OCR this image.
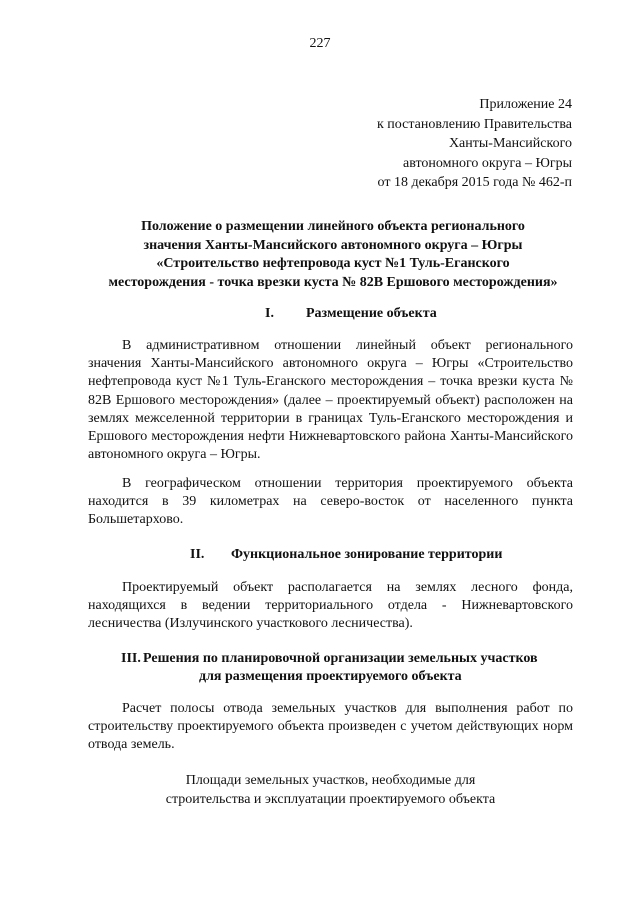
227
Приложение 24
к постановлению Правительства
Ханты-Мансийского
автономного округа – Югры
от 18 декабря 2015 года № 462-п
Положение о размещении линейного объекта регионального
значения Ханты-Мансийского автономного округа – Югры
«Строительство нефтепровода куст №1 Туль-Еганского
месторождения - точка врезки куста № 82В Ершового месторождения»
I. Размещение объекта
В административном отношении линейный объект регионального значения Ханты-Мансийского автономного округа – Югры «Строительство нефтепровода куст №1 Туль-Еганского месторождения – точка врезки куста № 82В Ершового месторождения» (далее – проектируемый объект) расположен на землях межселенной территории в границах Туль-Еганского месторождения и Ершового месторождения нефти Нижневартовского района Ханты-Мансийского автономного округа – Югры.
В географическом отношении территория проектируемого объекта находится в 39 километрах на северо-восток от населенного пункта Большетархово.
II. Функциональное зонирование территории
Проектируемый объект располагается на землях лесного фонда, находящихся в ведении территориального отдела - Нижневартовского лесничества (Излучинского участкового лесничества).
III. Решения по планировочной организации земельных участков
для размещения проектируемого объекта
Расчет полосы отвода земельных участков для выполнения работ по строительству проектируемого объекта произведен с учетом действующих норм отвода земель.
Площади земельных участков, необходимые для
строительства и эксплуатации проектируемого объекта
